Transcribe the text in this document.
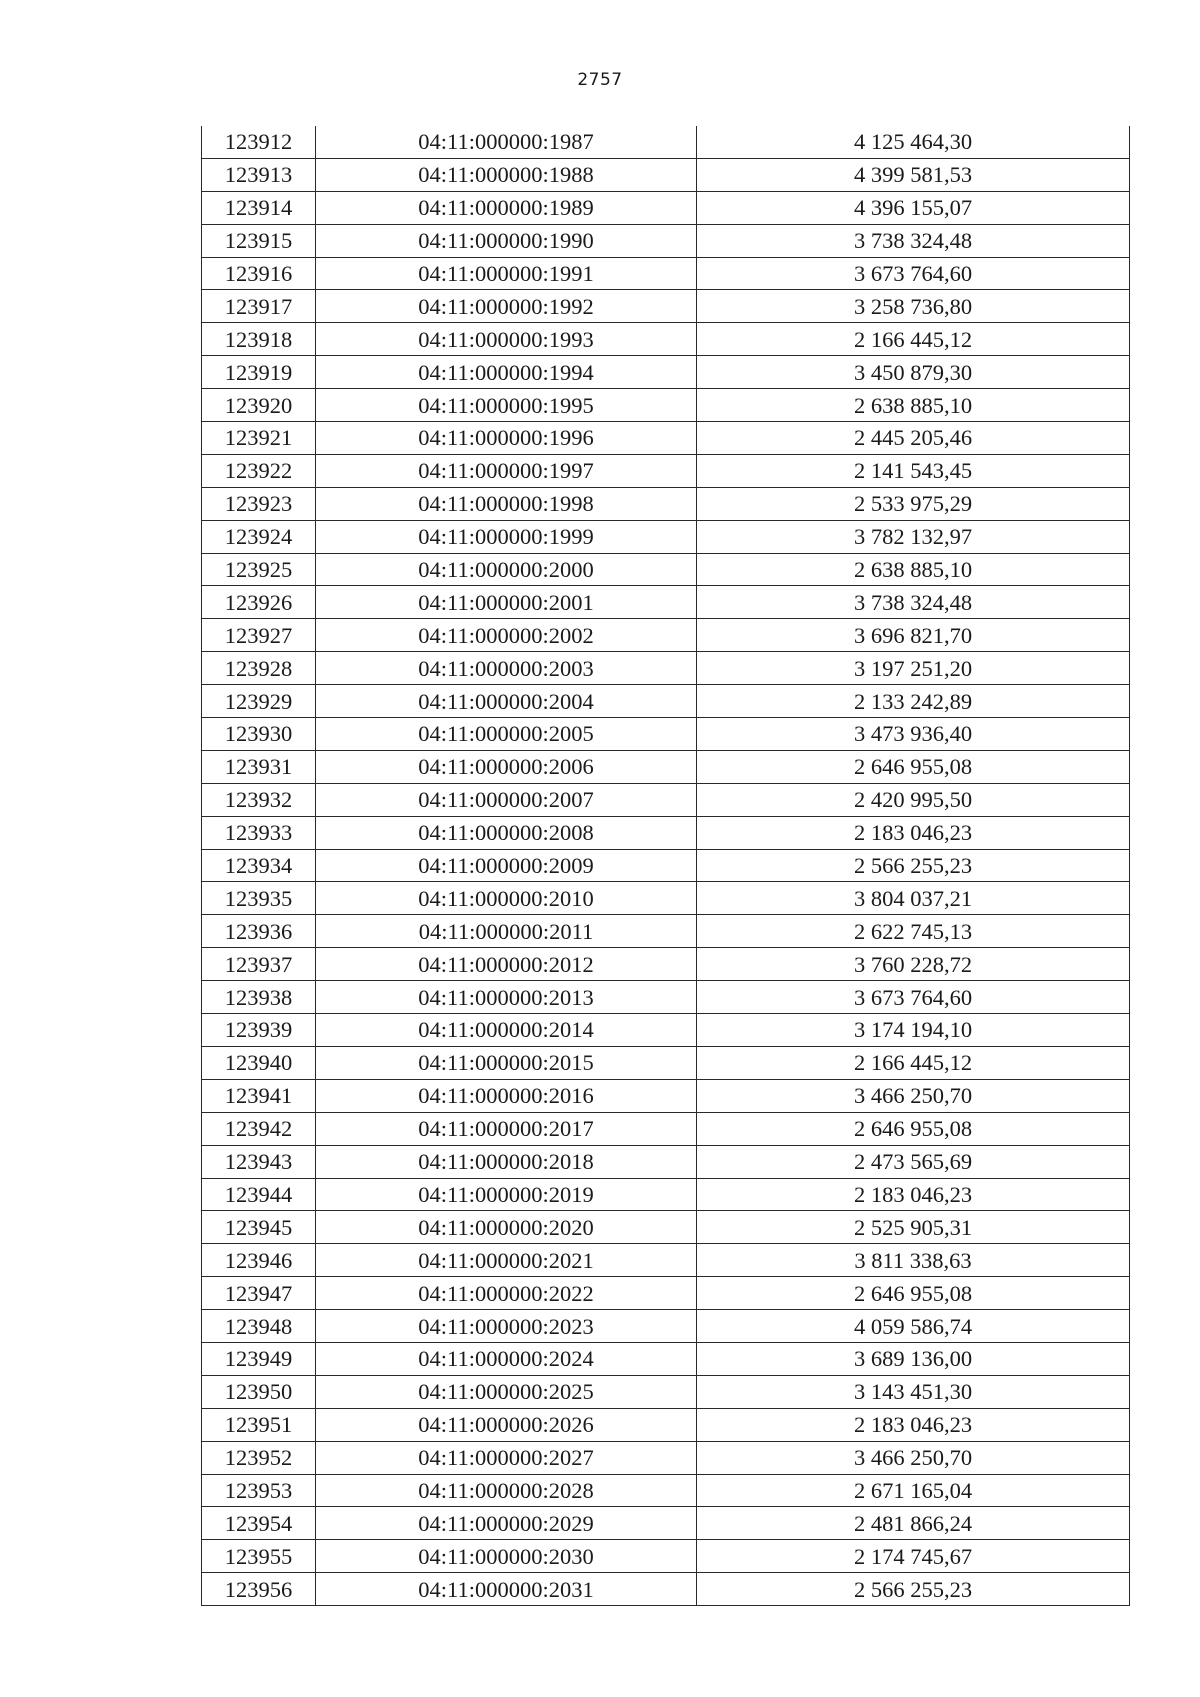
2757
123912	04:11:000000:1987	4 125 464,30
123913	04:11:000000:1988	4 399 581,53
123914	04:11:000000:1989	4 396 155,07
123915	04:11:000000:1990	3 738 324,48
123916	04:11:000000:1991	3 673 764,60
123917	04:11:000000:1992	3 258 736,80
123918	04:11:000000:1993	2 166 445,12
123919	04:11:000000:1994	3 450 879,30
123920	04:11:000000:1995	2 638 885,10
123921	04:11:000000:1996	2 445 205,46
123922	04:11:000000:1997	2 141 543,45
123923	04:11:000000:1998	2 533 975,29
123924	04:11:000000:1999	3 782 132,97
123925	04:11:000000:2000	2 638 885,10
123926	04:11:000000:2001	3 738 324,48
123927	04:11:000000:2002	3 696 821,70
123928	04:11:000000:2003	3 197 251,20
123929	04:11:000000:2004	2 133 242,89
123930	04:11:000000:2005	3 473 936,40
123931	04:11:000000:2006	2 646 955,08
123932	04:11:000000:2007	2 420 995,50
123933	04:11:000000:2008	2 183 046,23
123934	04:11:000000:2009	2 566 255,23
123935	04:11:000000:2010	3 804 037,21
123936	04:11:000000:2011	2 622 745,13
123937	04:11:000000:2012	3 760 228,72
123938	04:11:000000:2013	3 673 764,60
123939	04:11:000000:2014	3 174 194,10
123940	04:11:000000:2015	2 166 445,12
123941	04:11:000000:2016	3 466 250,70
123942	04:11:000000:2017	2 646 955,08
123943	04:11:000000:2018	2 473 565,69
123944	04:11:000000:2019	2 183 046,23
123945	04:11:000000:2020	2 525 905,31
123946	04:11:000000:2021	3 811 338,63
123947	04:11:000000:2022	2 646 955,08
123948	04:11:000000:2023	4 059 586,74
123949	04:11:000000:2024	3 689 136,00
123950	04:11:000000:2025	3 143 451,30
123951	04:11:000000:2026	2 183 046,23
123952	04:11:000000:2027	3 466 250,70
123953	04:11:000000:2028	2 671 165,04
123954	04:11:000000:2029	2 481 866,24
123955	04:11:000000:2030	2 174 745,67
123956	04:11:000000:2031	2 566 255,23
